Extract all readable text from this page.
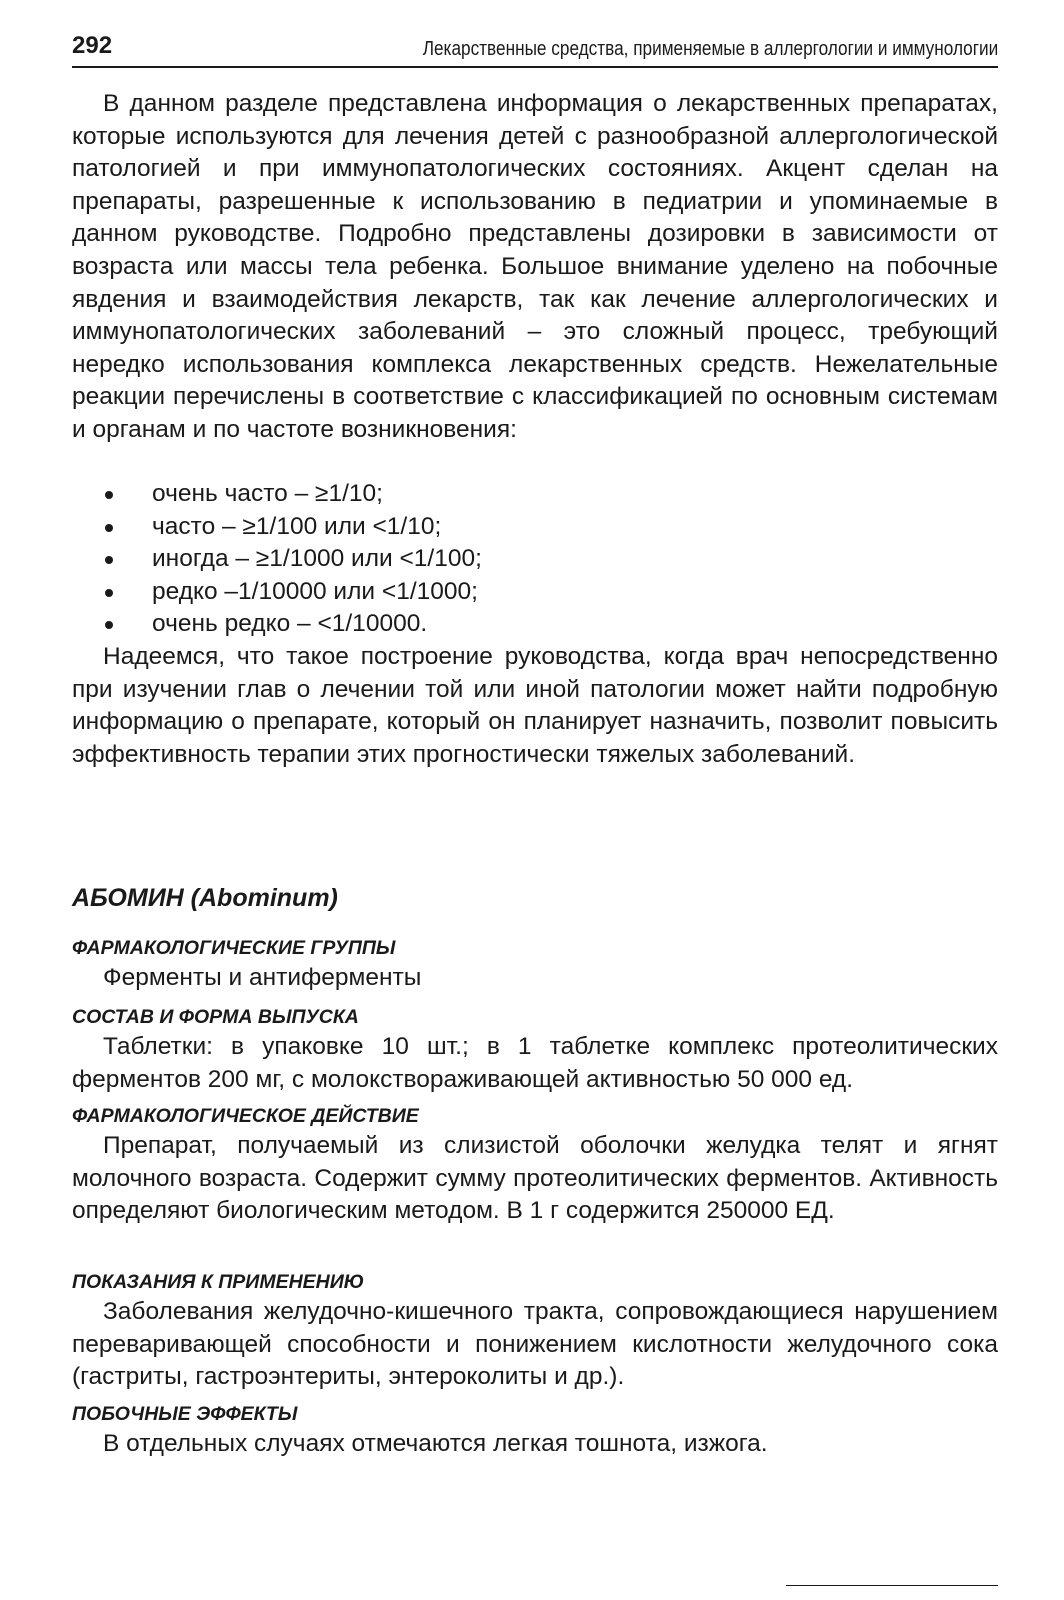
292	Лекарственные средства, применяемые в аллергологии и иммунологии

В данном разделе представлена информация о лекарственных препаратах, которые используются для лечения детей с разнообразной аллергологической патологией и при иммунопатологических состояниях. Акцент сделан на препараты, разрешенные к использованию в педиатрии и упоминаемые в данном руководстве. Подробно представлены дозировки в зависимости от возраста или массы тела ребенка. Большое внимание уделено на побочные явдения и взаимодействия лекарств, так как лечение аллергологических и иммунопатологических заболеваний – это сложный процесс, требующий нередко использования комплекса лекарственных средств. Нежелательные реакции перечислены в соответствие с классификацией по основным системам и органам и по частоте возникновения:

очень часто – ≥1/10;
часто – ≥1/100 или <1/10;
иногда – ≥1/1000 или <1/100;
редко –1/10000 или <1/1000;
очень редко – <1/10000.

Надеемся, что такое построение руководства, когда врач непосредственно при изучении глав о лечении той или иной патологии может найти подробную информацию о препарате, который он планирует назначить, позволит повысить эффективность терапии этих прогностически тяжелых заболеваний.

АБОМИН (Abominum)
ФАРМАКОЛОГИЧЕСКИЕ ГРУППЫ

Ферменты и антиферменты

СОСТАВ И ФОРМА ВЫПУСКА

Таблетки: в упаковке 10 шт.; в 1 таблетке комплекс протеолитических ферментов 200 мг, с молокствораживающей активностью 50 000 ед.

ФАРМАКОЛОГИЧЕСКОЕ ДЕЙСТВИЕ

Препарат, получаемый из слизистой оболочки желудка телят и ягнят молочного возраста. Содержит сумму протеолитических ферментов. Активность определяют биологическим методом. В 1 г содержится 250000 ЕД.

ПОКАЗАНИЯ К ПРИМЕНЕНИЮ

Заболевания желудочно-кишечного тракта, сопровождающиеся нарушением переваривающей способности и понижением кислотности желудочного сока (гастриты, гастроэнтериты, энтероколиты и др.).

ПОБОЧНЫЕ ЭФФЕКТЫ

В отдельных случаях отмечаются легкая тошнота, изжога.
